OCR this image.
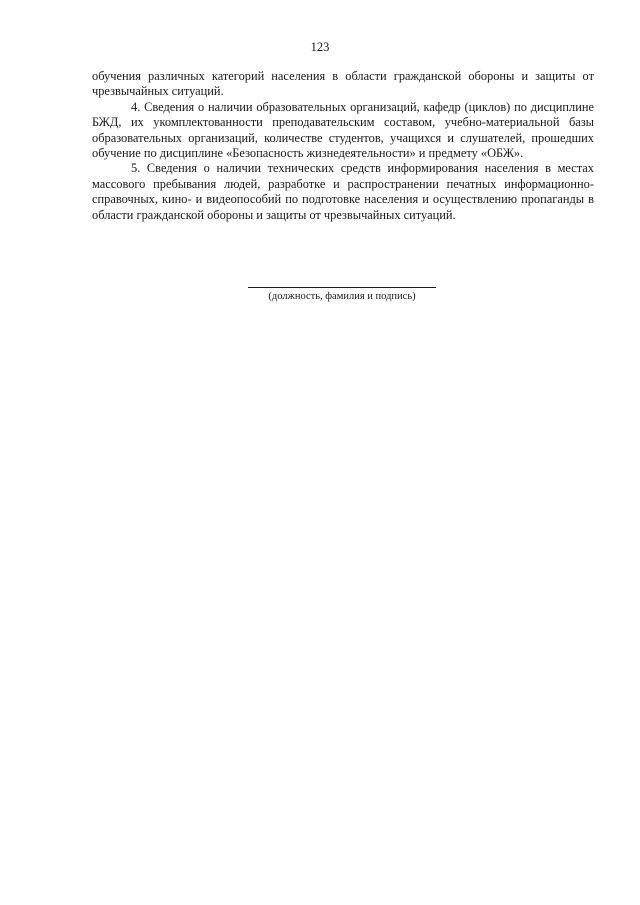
123

обучения различных категорий населения в области гражданской обороны и защиты от чрезвычайных ситуаций.

4. Сведения о наличии образовательных организаций, кафедр (циклов) по дисциплине БЖД, их укомплектованности преподавательским составом, учебно-материальной базы образовательных организаций, количестве студентов, учащихся и слушателей, прошедших обучение по дисциплине «Безопасность жизнедеятельности» и предмету «ОБЖ».

5. Сведения о наличии технических средств информирования населения в местах массового пребывания людей, разработке и распространении печатных информационно-справочных, кино- и видеопособий по подготовке населения и осуществлению пропаганды в области гражданской обороны и защиты от чрезвычайных ситуаций.

(должность, фамилия и подпись)
